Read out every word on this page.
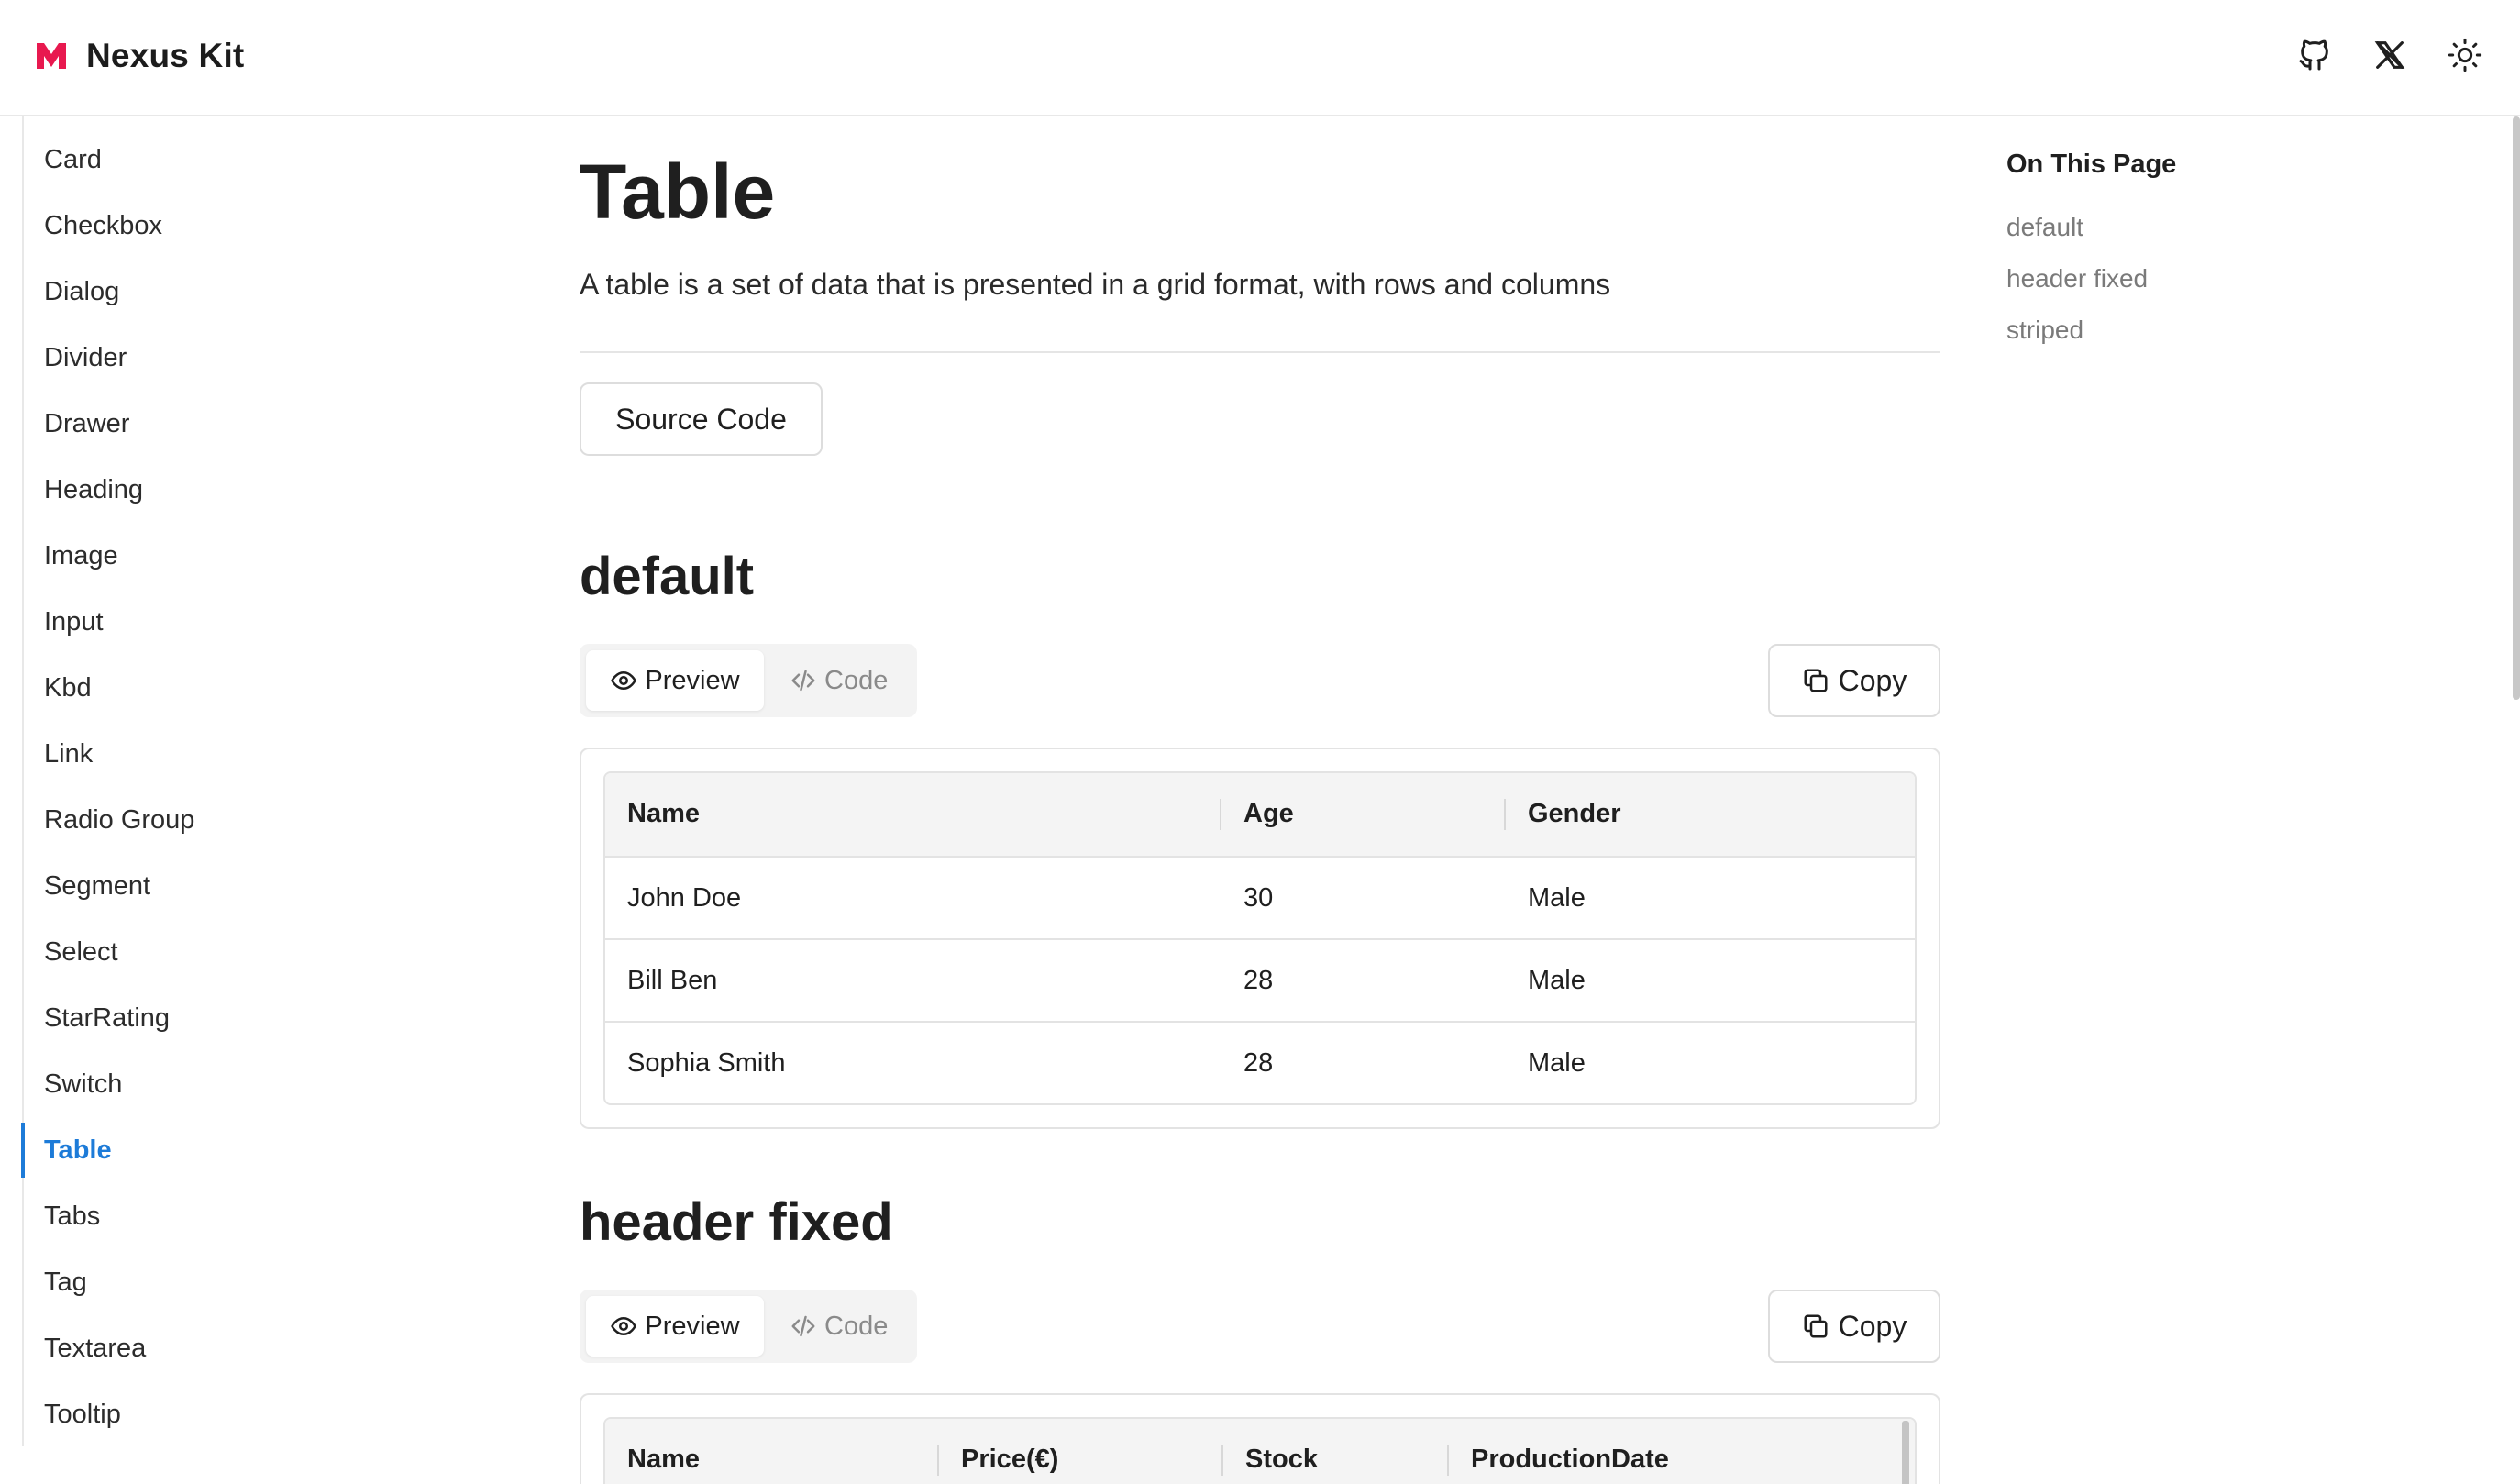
Nexus Kit
Card
Checkbox
Dialog
Divider
Drawer
Heading
Image
Input
Kbd
Link
Radio Group
Segment
Select
StarRating
Switch
Table
Tabs
Tag
Textarea
Tooltip
Table

A table is a set of data that is presented in a grid format, with rows and columns

Source Code
default
Preview	Code	Copy
Name	Age	Gender
John Doe	30	Male
Bill Ben	28	Male
Sophia Smith	28	Male
header fixed
Preview	Code	Copy
Name	Price(€)	Stock	ProductionDate
On This Page
default
header fixed
striped
